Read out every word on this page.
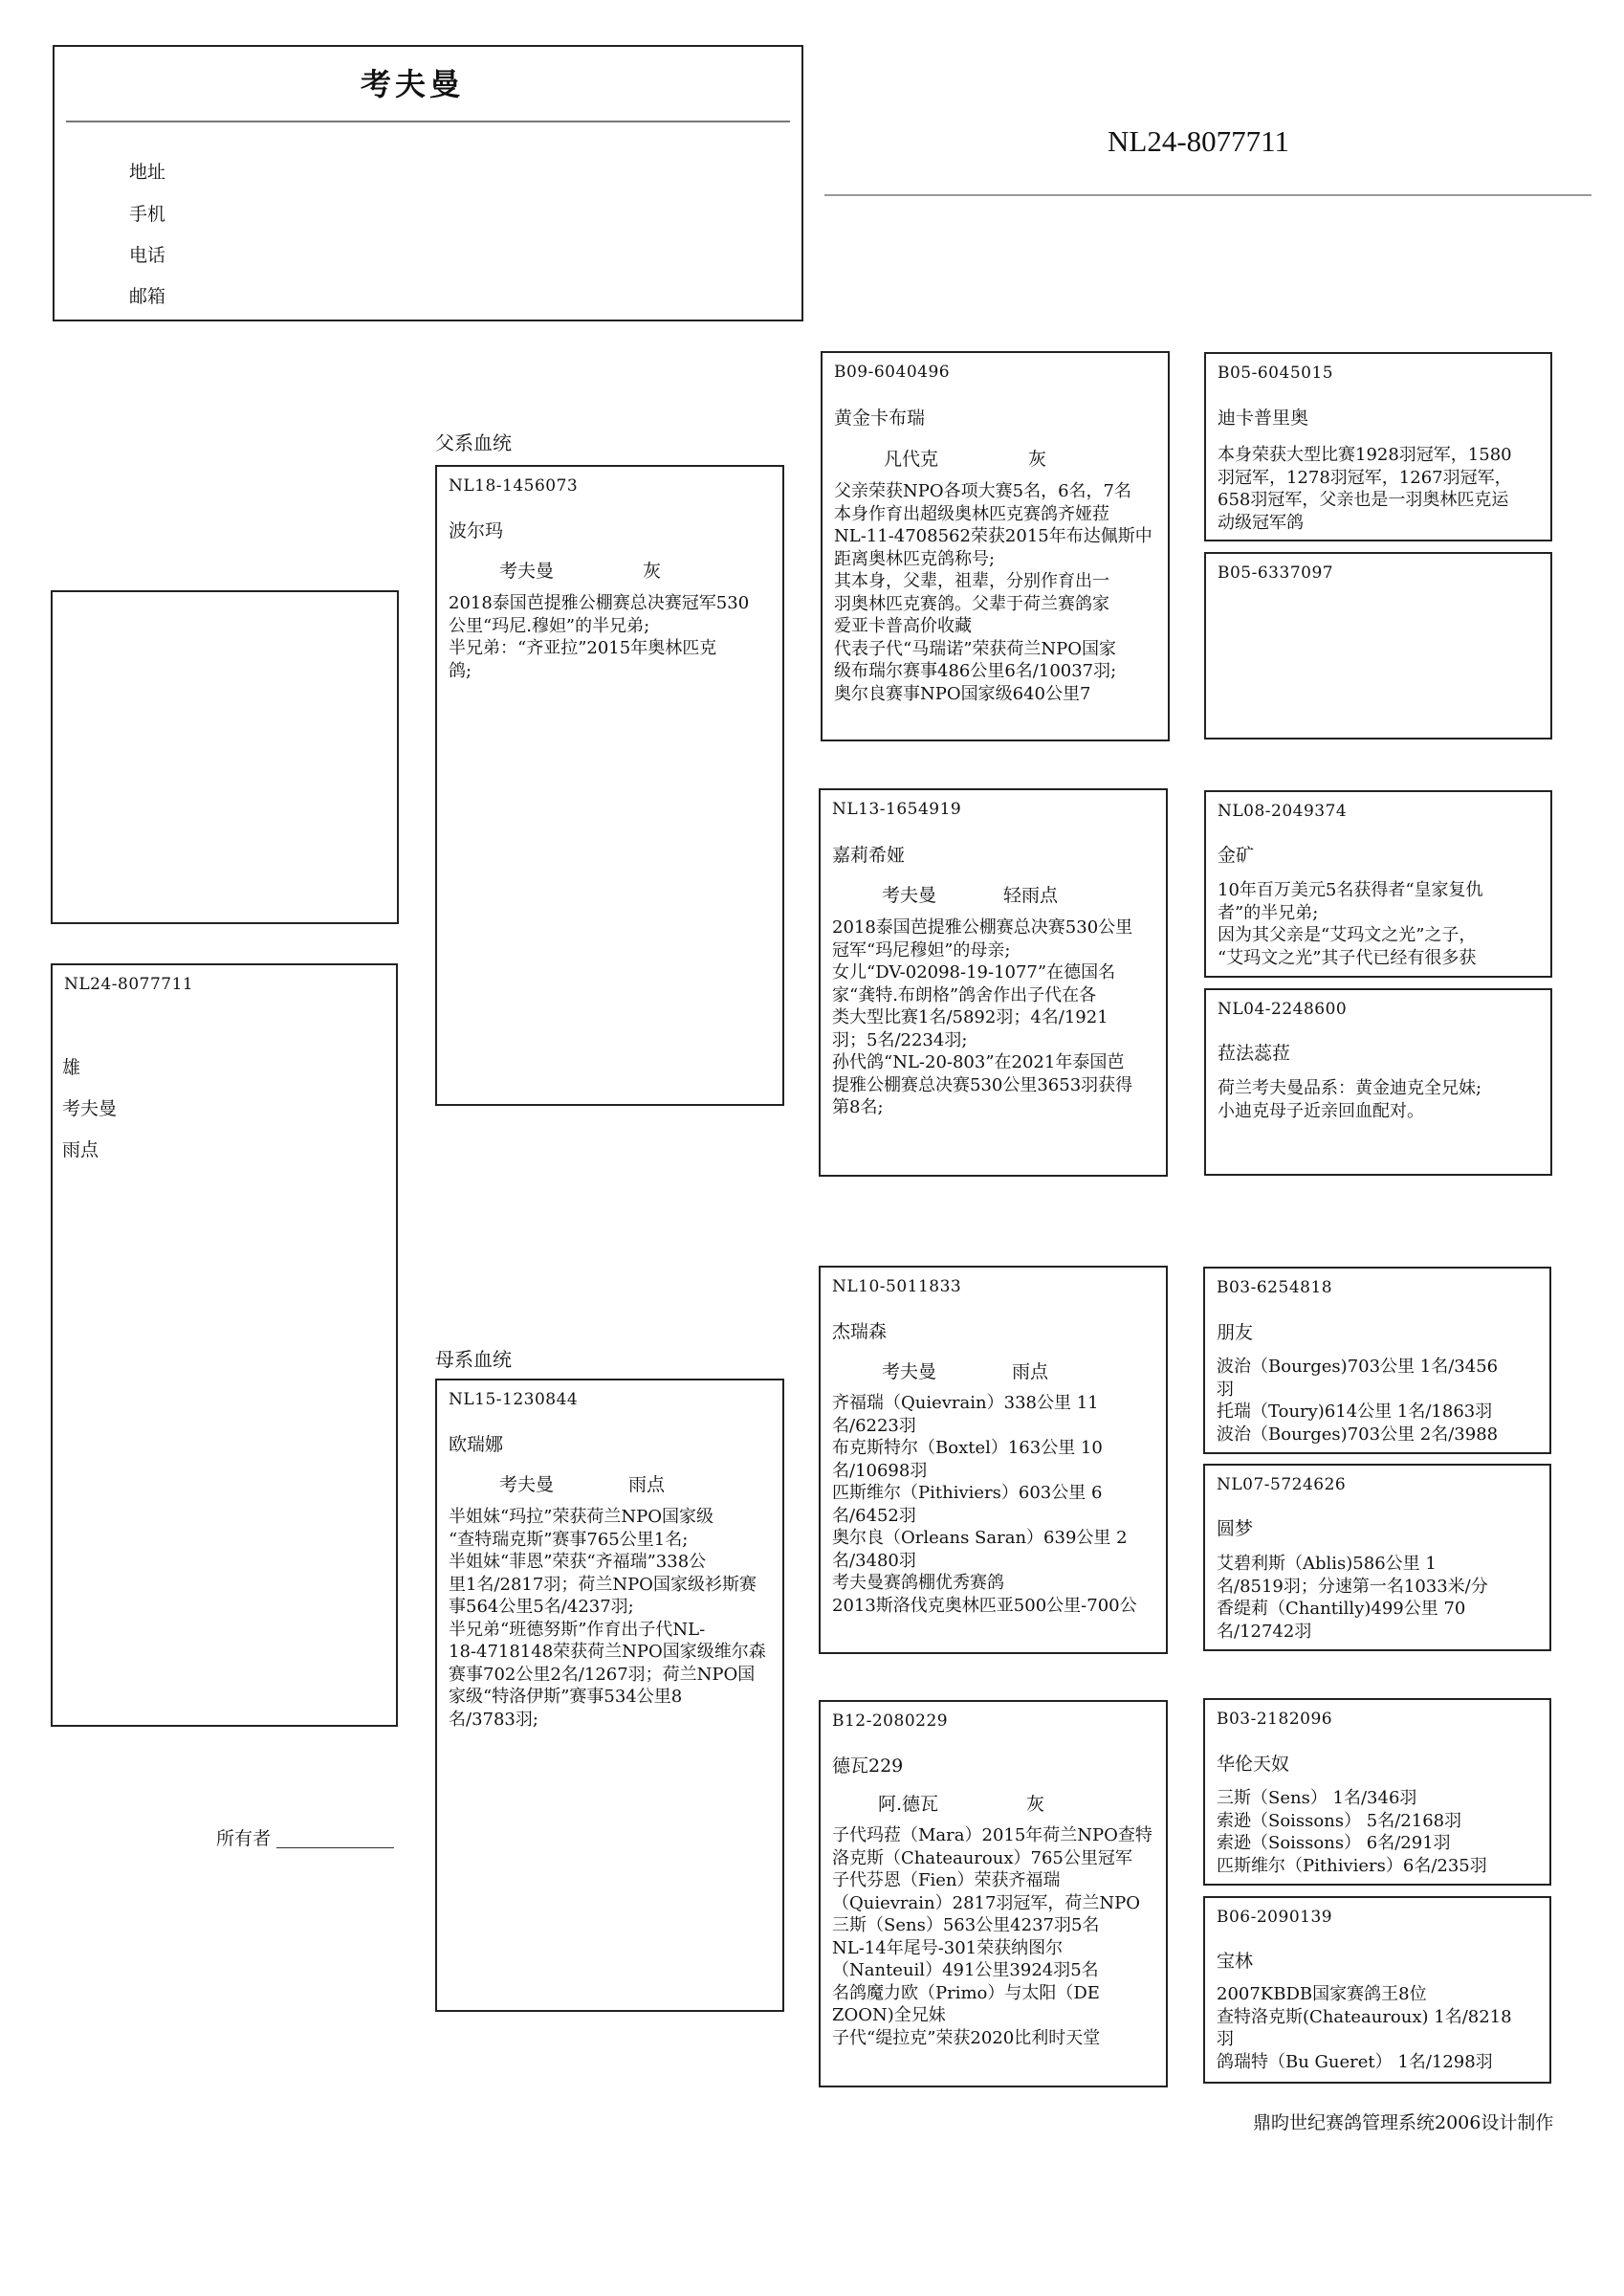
考夫曼
地址
手机
电话
邮箱
NL24-8077711
NL24-8077711
雄
考夫曼
雨点
所有者
父系血统
母系血统
NL18-1456073
波尔玛
考夫曼	灰
2018泰国芭提雅公棚赛总决赛冠军530
公里“玛尼.穆妲”的半兄弟;
半兄弟：“齐亚拉”2015年奥林匹克
鸽;
NL15-1230844
欧瑞娜
考夫曼	雨点
半姐妹“玛拉”荣获荷兰NPO国家级
“查特瑞克斯”赛事765公里1名;
半姐妹“菲恩”荣获“齐福瑞”338公
里1名/2817羽；荷兰NPO国家级衫斯赛
事564公里5名/4237羽;
半兄弟“班德努斯”作育出子代NL-
18-4718148荣获荷兰NPO国家级维尔森
赛事702公里2名/1267羽；荷兰NPO国
家级“特洛伊斯”赛事534公里8
名/3783羽;
B09-6040496
黄金卡布瑞
凡代克	灰
父亲荣获NPO各项大赛5名，6名，7名
本身作育出超级奥林匹克赛鸽齐娅菈
NL-11-4708562荣获2015年布达佩斯中
距离奥林匹克鸽称号;
其本身，父辈，祖辈，分别作育出一
羽奥林匹克赛鸽。父辈于荷兰赛鸽家
爱亚卡普高价收藏
代表子代“马瑞诺”荣获荷兰NPO国家
级布瑞尔赛事486公里6名/10037羽;
奥尔良赛事NPO国家级640公里7
NL13-1654919
嘉莉希娅
考夫曼	轻雨点
2018泰国芭提雅公棚赛总决赛530公里
冠军“玛尼穆妲”的母亲;
女儿“DV-02098-19-1077”在德国名
家“龚特.布朗格”鸽舍作出子代在各
类大型比赛1名/5892羽；4名/1921
羽；5名/2234羽;
孙代鸽“NL-20-803”在2021年泰国芭
提雅公棚赛总决赛530公里3653羽获得
第8名;
NL10-5011833
杰瑞森
考夫曼	雨点
齐福瑞（Quievrain）338公里 11
名/6223羽
布克斯特尔（Boxtel）163公里 10
名/10698羽
匹斯维尔（Pithiviers）603公里 6
名/6452羽
奥尔良（Orleans Saran）639公里 2
名/3480羽
考夫曼赛鸽棚优秀赛鸽
2013斯洛伐克奥林匹亚500公里-700公
B12-2080229
德瓦229
阿.德瓦	灰
子代玛菈（Mara）2015年荷兰NPO查特
洛克斯（Chateauroux）765公里冠军
子代芬恩（Fien）荣获齐福瑞
（Quievrain）2817羽冠军，荷兰NPO
三斯（Sens）563公里4237羽5名
NL-14年尾号-301荣获纳图尔
（Nanteuil）491公里3924羽5名
名鸽魔力欧（Primo）与太阳（DE
ZOON)全兄妹
子代“缇拉克”荣获2020比利时天堂
B05-6045015
迪卡普里奥
本身荣获大型比赛1928羽冠军，1580
羽冠军，1278羽冠军，1267羽冠军，
658羽冠军，父亲也是一羽奥林匹克运
动级冠军鸽
B05-6337097
NL08-2049374
金矿
10年百万美元5名获得者“皇家复仇
者”的半兄弟;
因为其父亲是“艾玛文之光”之子，
“艾玛文之光”其子代已经有很多获
NL04-2248600
菈法蕊菈
荷兰考夫曼品系：黄金迪克全兄妹;
小迪克母子近亲回血配对。
B03-6254818
朋友
波治（Bourges)703公里 1名/3456
羽
托瑞（Toury)614公里 1名/1863羽
波治（Bourges)703公里 2名/3988
NL07-5724626
圆梦
艾碧利斯（Ablis)586公里 1
名/8519羽；分速第一名1033米/分
香缇莉（Chantilly)499公里 70
名/12742羽
B03-2182096
华伦天奴
三斯（Sens） 1名/346羽
索逊（Soissons） 5名/2168羽
索逊（Soissons） 6名/291羽
匹斯维尔（Pithiviers）6名/235羽
B06-2090139
宝林
2007KBDB国家赛鸽王8位
查特洛克斯(Chateauroux) 1名/8218
羽
鸽瑞特（Bu Gueret） 1名/1298羽
鼎昀世纪赛鸽管理系统2006设计制作
